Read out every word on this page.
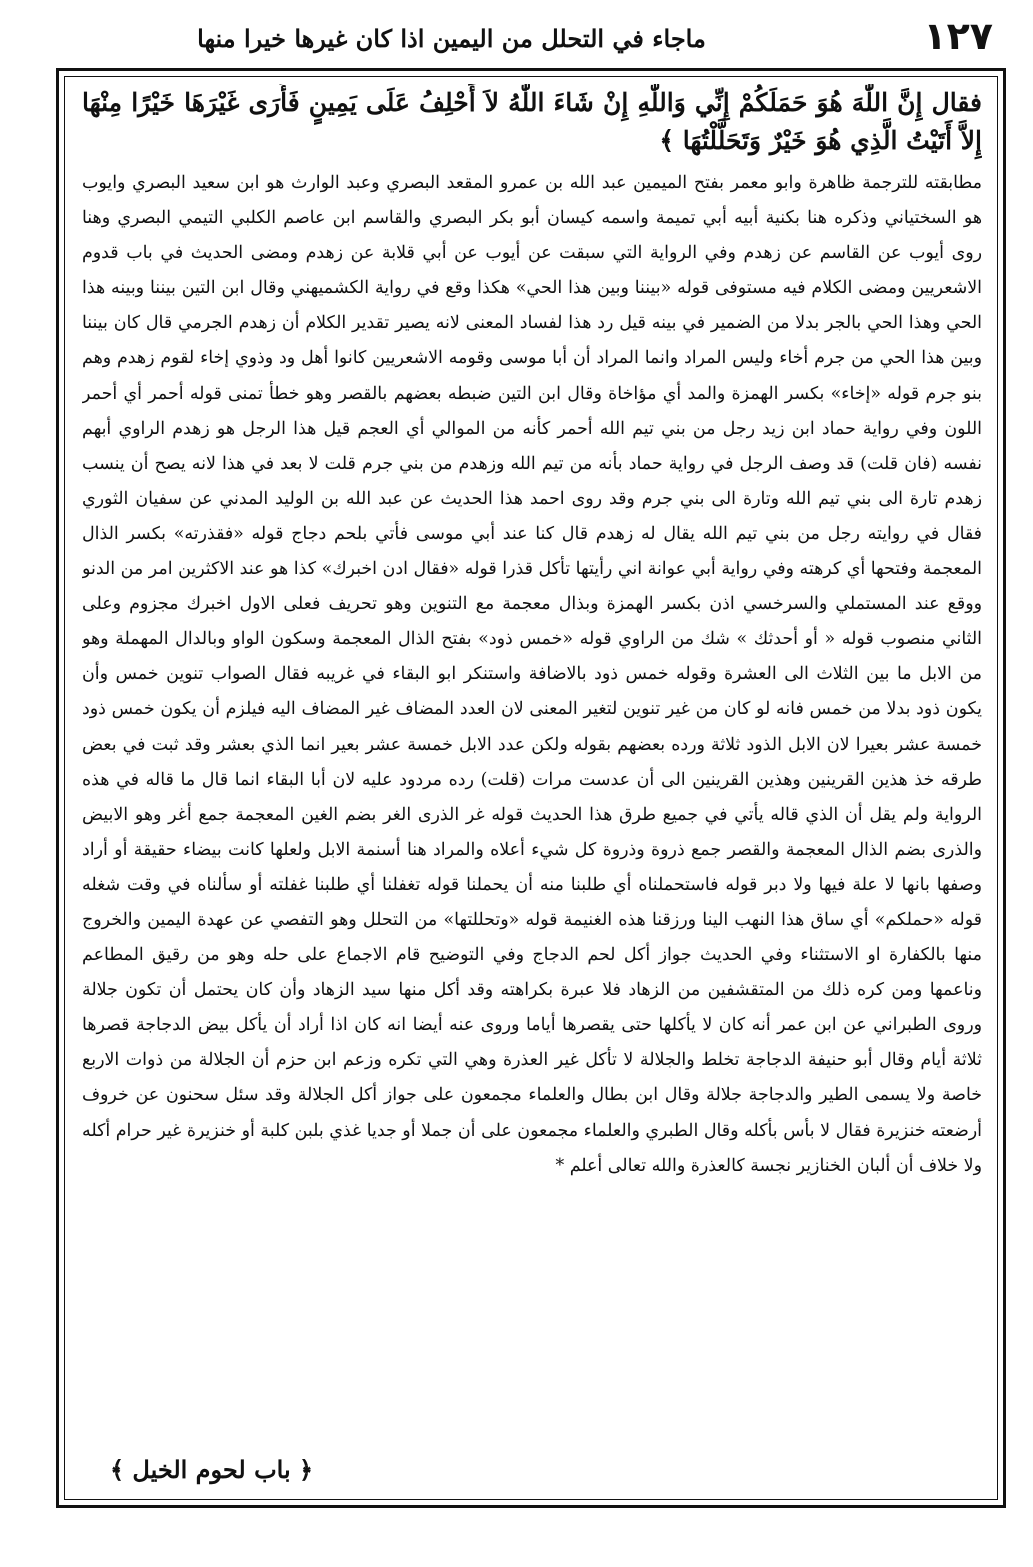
١٢٧
ماجاء في التحلل من اليمين اذا كان غيرها خيرا منها

فقال إِنَّ اللّٰهَ هُوَ حَمَلَكُمْ إِنِّي وَاللّٰهِ إِنْ شَاءَ اللّٰهُ لاَ أَحْلِفُ عَلَى يَمِينٍ فَأَرَى غَيْرَهَا خَيْرًا مِنْهَا إِلاَّ أَتَيْتُ الَّذِي هُوَ خَيْرٌ وَتَحَلَّلْتُهَا ﴾

مطابقته للترجمة ظاهرة وابو معمر بفتح الميمين عبد الله بن عمرو المقعد البصري وعبد الوارث هو ابن سعيد البصري وايوب هو السختياني وذكره هنا بكنية أبيه أبي تميمة واسمه كيسان أبو بكر البصري والقاسم ابن عاصم الكلبي التيمي البصري وهنا روى أيوب عن القاسم عن زهدم وفي الرواية التي سبقت عن أيوب عن أبي قلابة عن زهدم ومضى الحديث في باب قدوم الاشعريين ومضى الكلام فيه مستوفى قوله «بيننا وبين هذا الحي» هكذا وقع في رواية الكشميهني وقال ابن التين بيننا وبينه هذا الحي وهذا الحي بالجر بدلا من الضمير في بينه قيل رد هذا لفساد المعنى لانه يصير تقدير الكلام أن زهدم الجرمي قال كان بيننا وبين هذا الحي من جرم أخاء وليس المراد وانما المراد أن أبا موسى وقومه الاشعريين كانوا أهل ود وذوي إخاء لقوم زهدم وهم بنو جرم قوله «إخاء» بكسر الهمزة والمد أي مؤاخاة وقال ابن التين ضبطه بعضهم بالقصر وهو خطأ تمنى قوله أحمر أي أحمر اللون وفي رواية حماد ابن زيد رجل من بني تيم الله أحمر كأنه من الموالي أي العجم قيل هذا الرجل هو زهدم الراوي أبهم نفسه (فان قلت) قد وصف الرجل في رواية حماد بأنه من تيم الله وزهدم من بني جرم قلت لا بعد في هذا لانه يصح أن ينسب زهدم تارة الى بني تيم الله وتارة الى بني جرم وقد روى احمد هذا الحديث عن عبد الله بن الوليد المدني عن سفيان الثوري فقال في روايته رجل من بني تيم الله يقال له زهدم قال كنا عند أبي موسى فأتي بلحم دجاج قوله «فقذرته» بكسر الذال المعجمة وفتحها أي كرهته وفي رواية أبي عوانة اني رأيتها تأكل قذرا قوله «فقال ادن اخبرك» كذا هو عند الاكثرين امر من الدنو ووقع عند المستملي والسرخسي اذن بكسر الهمزة وبذال معجمة مع التنوين وهو تحريف فعلى الاول اخبرك مجزوم وعلى الثاني منصوب قوله « أو أحدثك » شك من الراوي قوله «خمس ذود» بفتح الذال المعجمة وسكون الواو وبالدال المهملة وهو من الابل ما بين الثلاث الى العشرة وقوله خمس ذود بالاضافة واستنكر ابو البقاء في غريبه فقال الصواب تنوين خمس وأن يكون ذود بدلا من خمس فانه لو كان من غير تنوين لتغير المعنى لان العدد المضاف غير المضاف اليه فيلزم أن يكون خمس ذود خمسة عشر بعيرا لان الابل الذود ثلاثة ورده بعضهم بقوله ولكن عدد الابل خمسة عشر بعير انما الذي بعشر وقد ثبت في بعض طرقه خذ هذين القرينين وهذين القرينين الى أن عدست مرات (قلت) رده مردود عليه لان أبا البقاء انما قال ما قاله في هذه الرواية ولم يقل أن الذي قاله يأتي في جميع طرق هذا الحديث قوله غر الذرى الغر بضم الغين المعجمة جمع أغر وهو الابيض والذرى بضم الذال المعجمة والقصر جمع ذروة وذروة كل شيء أعلاه والمراد هنا أسنمة الابل ولعلها كانت بيضاء حقيقة أو أراد وصفها بانها لا علة فيها ولا دبر قوله فاستحملناه أي طلبنا منه أن يحملنا قوله تغفلنا أي طلبنا غفلته أو سألناه في وقت شغله قوله «حملكم» أي ساق هذا النهب الينا ورزقنا هذه الغنيمة قوله «وتحللتها» من التحلل وهو التفصي عن عهدة اليمين والخروج منها بالكفارة او الاستثناء وفي الحديث جواز أكل لحم الدجاج وفي التوضيح قام الاجماع على حله وهو من رقيق المطاعم وناعمها ومن كره ذلك من المتقشفين من الزهاد فلا عبرة بكراهته وقد أكل منها سيد الزهاد وأن كان يحتمل أن تكون جلالة وروى الطبراني عن ابن عمر أنه كان لا يأكلها حتى يقصرها أياما وروى عنه أيضا انه كان اذا أراد أن يأكل بيض الدجاجة قصرها ثلاثة أيام وقال أبو حنيفة الدجاجة تخلط والجلالة لا تأكل غير العذرة وهي التي تكره وزعم ابن حزم أن الجلالة من ذوات الاربع خاصة ولا يسمى الطير والدجاجة جلالة وقال ابن بطال والعلماء مجمعون على جواز أكل الجلالة وقد سئل سحنون عن خروف أرضعته خنزيرة فقال لا بأس بأكله وقال الطبري والعلماء مجمعون على أن جملا أو جديا غذي بلبن كلبة أو خنزيرة غير حرام أكله ولا خلاف أن ألبان الخنازير نجسة كالعذرة والله تعالى أعلم *

﴿ باب لحوم الخيل ﴾
